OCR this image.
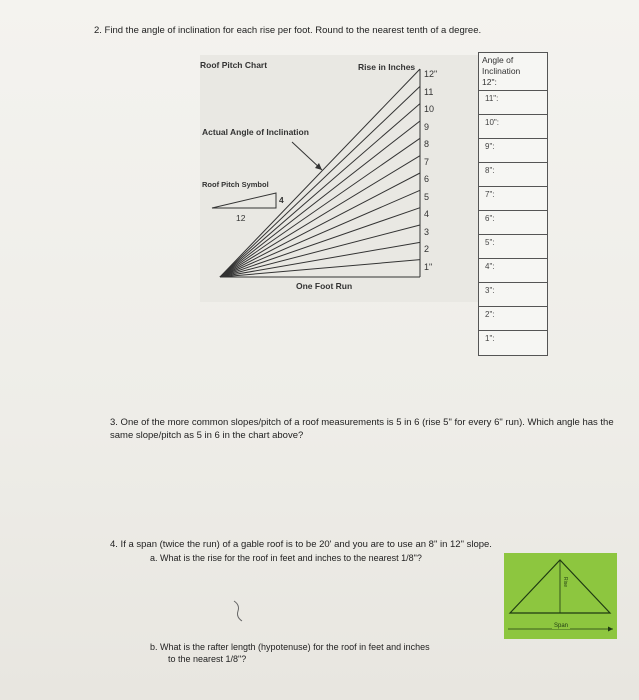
2. Find the angle of inclination for each rise per foot. Round to the nearest tenth of a degree.
Roof Pitch Chart	Rise in Inches
Actual Angle of Inclination
Roof Pitch Symbol
12
4
One Foot Run
12"
11
10
9
8
7
6
5
4
3
2
1"
Angle of Inclination
12":
11":
10":
9":
8":
7":
6":
5":
4":
3":
2":
1":
3. One of the more common slopes/pitch of a roof measurements is 5 in 6 (rise 5" for every 6" run). Which angle has the same slope/pitch as 5 in 6 in the chart above?
4. If a span (twice the run) of a gable roof is to be 20' and you are to use an 8" in 12" slope.
a. What is the rise for the roof in feet and inches to the nearest 1/8"?
Span
Rise
b. What is the rafter length (hypotenuse) for the roof in feet and inches
to the nearest 1/8"?
